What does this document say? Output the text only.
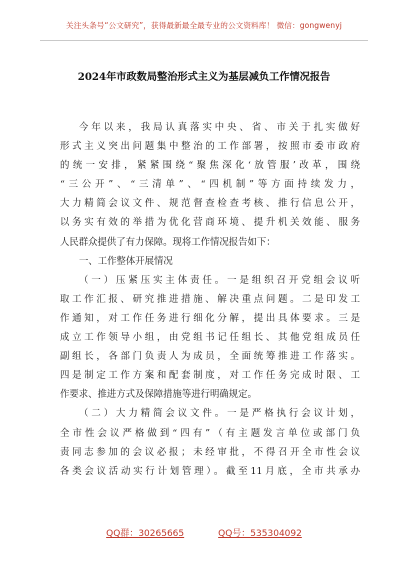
关注头条号“公文研究”，获得最新最全最专业的公文资料库！ 微信：gongwenyj
2024年市政数局整治形式主义为基层减负工作情况报告
今年以来，我局认真落实中央、省、市关于扎实做好
形式主义突出问题集中整治的工作部署，按照市委市政府
的统一安排，紧紧围绕“聚焦深化‘放管服’改革，围绕
“三公开”、“三清单”、“四机制”等方面持续发力，
大力精简会议文件、规范督查检查考核、推行信息公开，
以务实有效的举措为优化营商环境、提升机关效能、服务
人民群众提供了有力保障。现将工作情况报告如下：
一、工作整体开展情况
（一）压紧压实主体责任。一是组织召开党组会议听
取工作汇报、研究推进措施、解决重点问题。二是印发工
作通知，对工作任务进行细化分解，提出具体要求。三是
成立工作领导小组，由党组书记任组长、其他党组成员任
副组长，各部门负责人为成员，全面统筹推进工作落实。
四是制定工作方案和配套制度，对工作任务完成时限、工
作要求、推进方式及保障措施等进行明确规定。
（二）大力精简会议文件。一是严格执行会议计划，
全市性会议严格做到“四有”（有主题发言单位或部门负
责同志参加的会议必报；未经审批，不得召开全市性会议
各类会议活动实行计划管理）。截至11月底，全市共承办
QQ群：30265665	QQ号：535304092
